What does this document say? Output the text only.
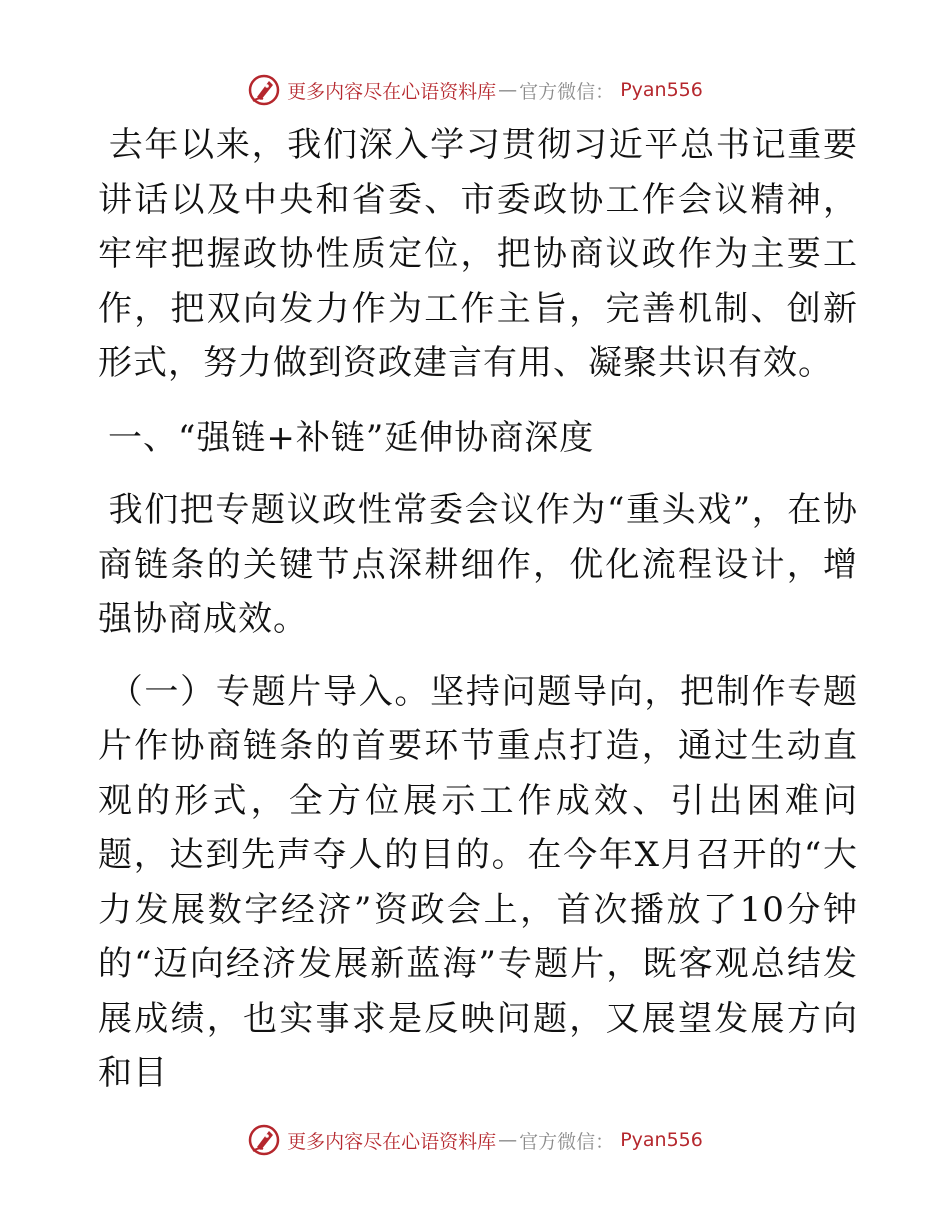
更多内容尽在心语资料库 — 官方微信： Pyan556

去年以来，我们深入学习贯彻习近平总书记重要讲话以及中央和省委、市委政协工作会议精神，牢牢把握政协性质定位，把协商议政作为主要工作，把双向发力作为工作主旨，完善机制、创新形式，努力做到资政建言有用、凝聚共识有效。

一、“强链+补链”延伸协商深度

我们把专题议政性常委会议作为“重头戏”，在协商链条的关键节点深耕细作，优化流程设计，增强协商成效。

（一）专题片导入。坚持问题导向，把制作专题片作协商链条的首要环节重点打造，通过生动直观的形式，全方位展示工作成效、引出困难问题，达到先声夺人的目的。在今年X月召开的“大力发展数字经济”资政会上，首次播放了10分钟的“迈向经济发展新蓝海”专题片，既客观总结发展成绩，也实事求是反映问题，又展望发展方向和目

更多内容尽在心语资料库 — 官方微信： Pyan556
